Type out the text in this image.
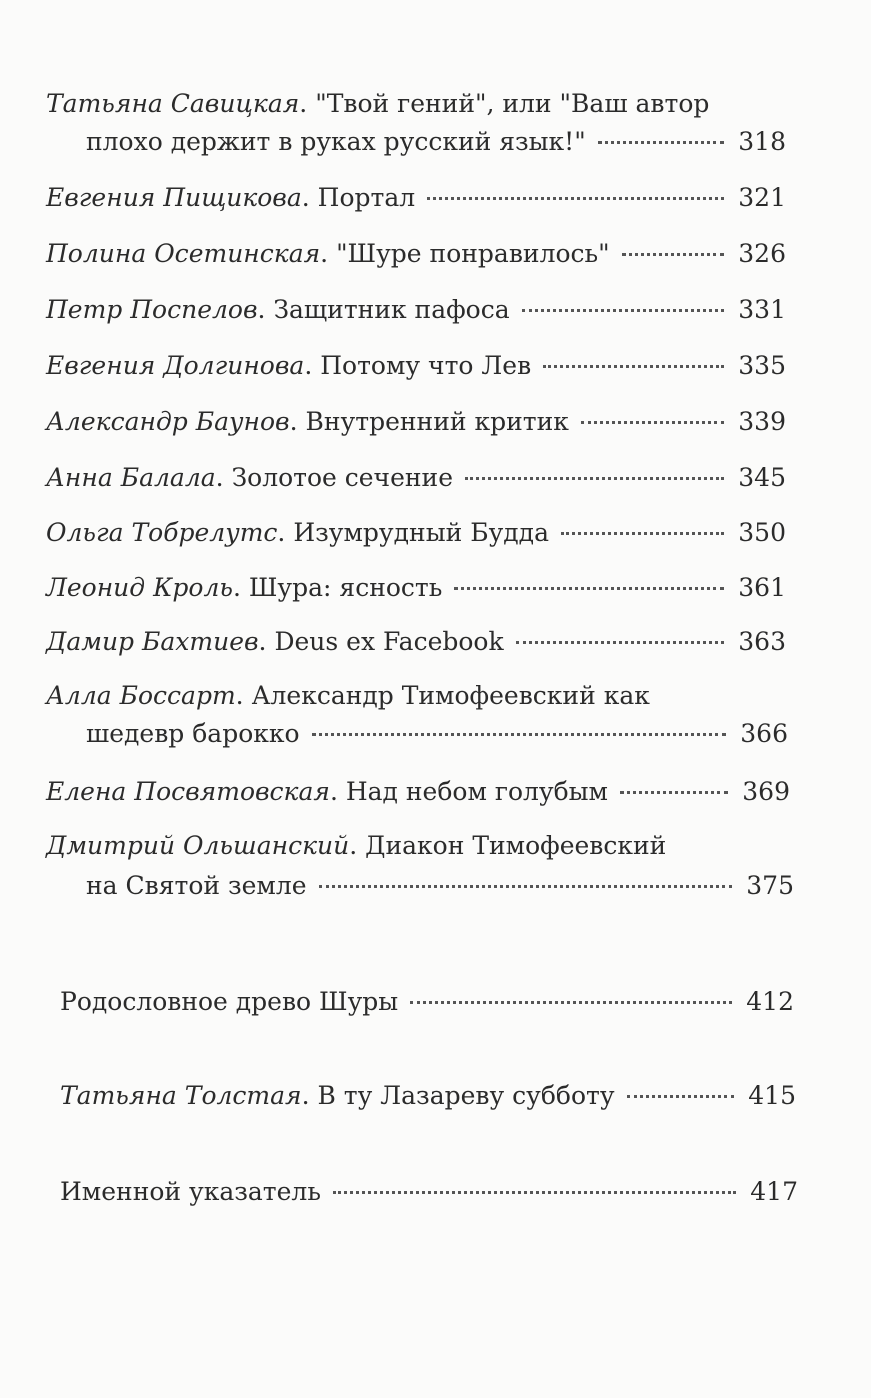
Татьяна Савицкая. "Твой гений", или "Ваш автор
плохо держит в руках русский язык!"	318
Евгения Пищикова. Портал	321
Полина Осетинская. "Шуре понравилось"	326
Петр Поспелов. Защитник пафоса	331
Евгения Долгинова. Потому что Лев	335
Александр Баунов. Внутренний критик	339
Анна Балала. Золотое сечение	345
Ольга Тобрелутс. Изумрудный Будда	350
Леонид Кроль. Шура: ясность	361
Дамир Бахтиев. Deus ex Facebook	363
Алла Боссарт. Александр Тимофеевский как
шедевр барокко	366
Елена Посвятовская. Над небом голубым	369
Дмитрий Ольшанский. Диакон Тимофеевский
на Святой земле	375
Родословное древо Шуры	412
Татьяна Толстая. В ту Лазареву субботу	415
Именной указатель	417
